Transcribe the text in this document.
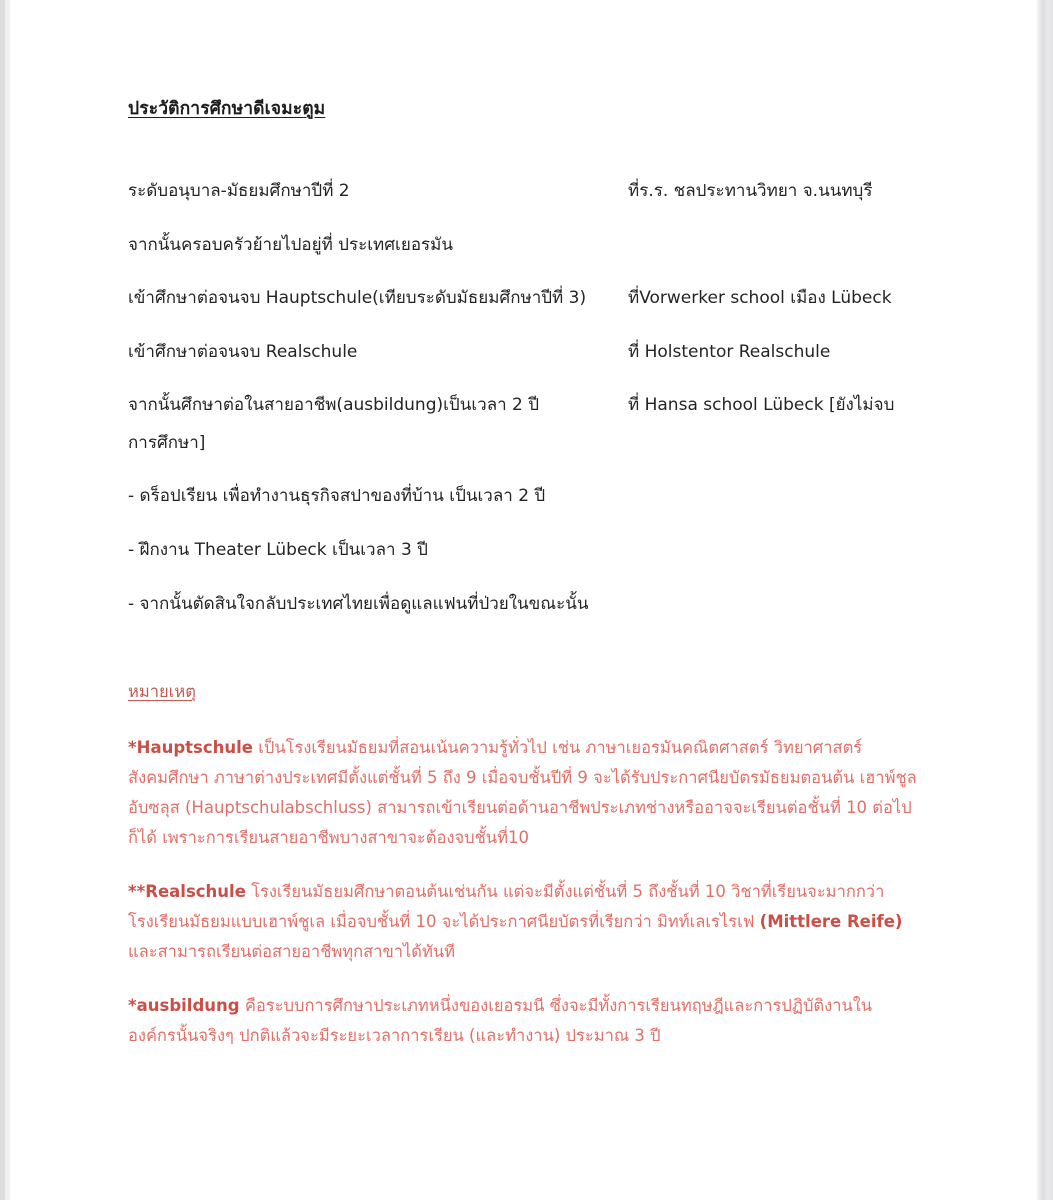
ประวัติการศึกษาดีเจมะตูม
ระดับอนุบาล-มัธยมศึกษาปีที่ 2	ที่ร.ร. ชลประทานวิทยา จ.นนทบุรี
จากนั้นครอบครัวย้ายไปอยู่ที่ ประเทศเยอรมัน
เข้าศึกษาต่อจนจบ Hauptschule(เทียบระดับมัธยมศึกษาปีที่ 3)	ที่Vorwerker school เมือง Lübeck
เข้าศึกษาต่อจนจบ Realschule	ที่ Holstentor Realschule
จากนั้นศึกษาต่อในสายอาชีพ(ausbildung)เป็นเวลา 2 ปี	ที่ Hansa school Lübeck [ยังไม่จบ
การศึกษา]
- ดร็อปเรียน เพื่อทำงานธุรกิจสปาของที่บ้าน เป็นเวลา 2 ปี
- ฝึกงาน Theater Lübeck เป็นเวลา 3 ปี
- จากนั้นตัดสินใจกลับประเทศไทยเพื่อดูแลแฟนที่ป่วยในขณะนั้น
หมายเหตุ
*Hauptschule เป็นโรงเรียนมัธยมที่สอนเน้นความรู้ทั่วไป เช่น ภาษาเยอรมันคณิตศาสตร์ วิทยาศาสตร์ สังคมศึกษา ภาษาต่างประเทศมีตั้งแต่ชั้นที่ 5 ถึง 9 เมื่อจบชั้นปีที่ 9 จะได้รับประกาศนียบัตรมัธยมตอนต้น เฮาพ์ชูลอับซลุส (Hauptschulabschluss) สามารถเข้าเรียนต่อด้านอาชีพประเภทช่างหรืออาจจะเรียนต่อชั้นที่ 10 ต่อไปก็ได้ เพราะการเรียนสายอาชีพบางสาขาจะต้องจบชั้นที่10
**Realschule โรงเรียนมัธยมศึกษาตอนต้นเช่นกัน แต่จะมีตั้งแต่ชั้นที่ 5 ถึงชั้นที่ 10 วิชาที่เรียนจะมากกว่าโรงเรียนมัธยมแบบเฮาพ์ชูเล เมื่อจบชั้นที่ 10 จะได้ประกาศนียบัตรที่เรียกว่า มิทท์เลเรไรเฟ (Mittlere Reife) และสามารถเรียนต่อสายอาชีพทุกสาขาได้ทันที
*ausbildung คือระบบการศึกษาประเภทหนึ่งของเยอรมนี ซึ่งจะมีทั้งการเรียนทฤษฎีและการปฏิบัติงานในองค์กรนั้นจริงๆ ปกติแล้วจะมีระยะเวลาการเรียน (และทำงาน) ประมาณ 3 ปี
